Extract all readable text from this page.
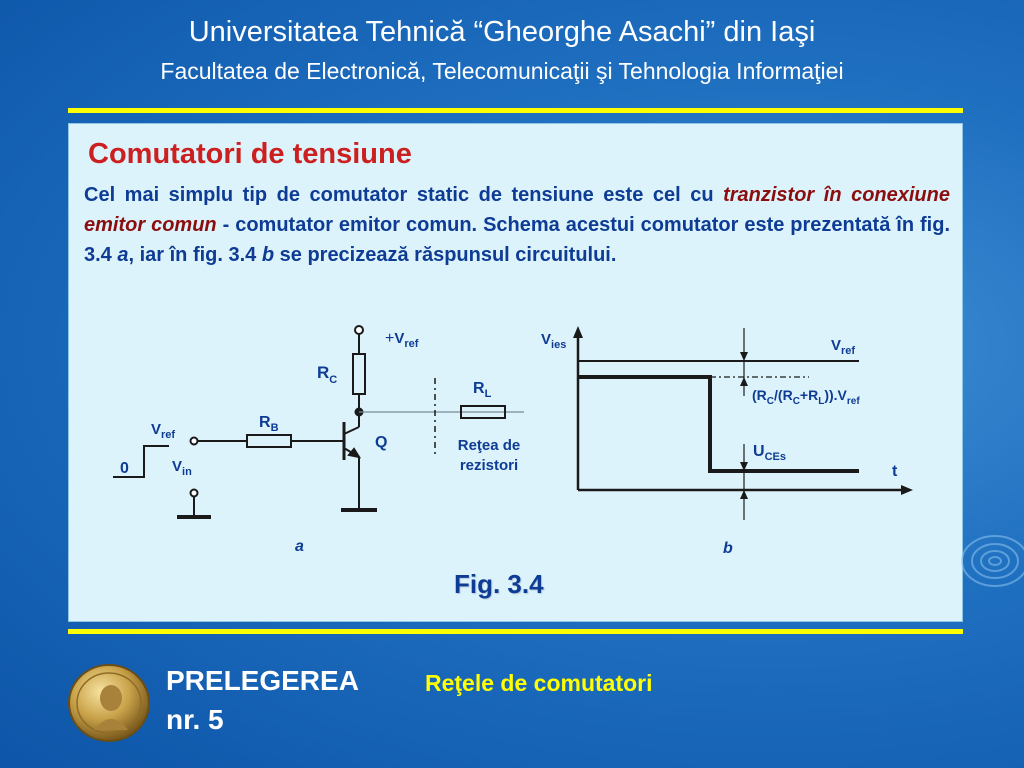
Universitatea Tehnică “Gheorghe Asachi” din Iaşi
Facultatea de Electronică, Telecomunicaţii şi Tehnologia Informaţiei
Comutatori de tensiune

Cel mai simplu tip de comutator static de tensiune este cel cu tranzistor în conexiune emitor comun - comutator emitor comun. Schema acestui comutator este prezentată în fig. 3.4 a, iar în fig. 3.4 b se precizează răspunsul circuitului.

$+V_{ref}$
$R_C$
$R_B$
$R_L$
Q
$V_{ref}$
0	$V_{in}$
Reţea de
rezistori
$V_{ies}$	$V_{ref}$
$(R_C/(R_C+R_L)).V_{ref}$
$U_{CEs}$
t
a	b
Fig. 3.4
PRELEGEREA
nr. 5
Reţele de comutatori
